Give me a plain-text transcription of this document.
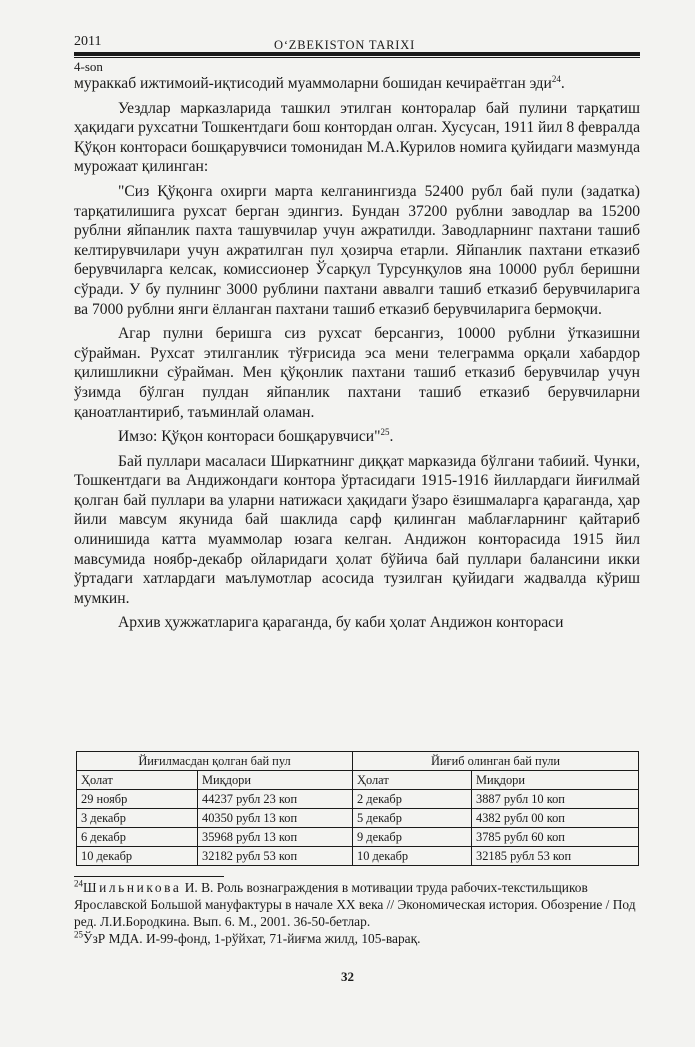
2011	O‘ZBEKISTON TARIXI
4-son

мураккаб ижтимоий-иқтисодий муаммоларни бошидан кечираётган эди$^{24}$.

Уездлар марказларида ташкил этилган конторалар бай пулини тарқатиш ҳақидаги рухсатни Тошкентдаги бош контордан олган. Хусусан, 1911 йил 8 февралда Қўқон контораси бошқарувчиси томонидан М.А.Курилов номига қуйидаги мазмунда мурожаат қилинган:

"Сиз Қўқонга охирги марта келганингизда 52400 рубл бай пули (задатка) тарқатилишига рухсат берган эдингиз. Бундан 37200 рублни заводлар ва 15200 рублни яйпанлик пахта ташувчилар учун ажратилди. Заводларнинг пахтани ташиб келтирувчилари учун ажратилган пул ҳозирча етарли. Яйпанлик пахтани етказиб берувчиларга келсак, комиссионер Ўсарқул Турсунқулов яна 10000 рубл беришни сўради. У бу пулнинг 3000 рублини пахтани аввалги ташиб етказиб берувчиларига ва 7000 рублни янги ёлланган пахтани ташиб етказиб берувчиларига бермоқчи.

Агар пулни беришга сиз рухсат берсангиз, 10000 рублни ўтказишни сўрайман. Рухсат этилганлик тўғрисида эса мени телеграмма орқали хабардор қилишликни сўрайман. Мен қўқонлик пахтани ташиб етказиб берувчилар учун ўзимда бўлган пулдан яйпанлик пахтани ташиб етказиб берувчиларни қаноатлантириб, таъминлай оламан.

Имзо: Қўқон контораси бошқарувчиси"$^{25}$.

Бай пуллари масаласи Ширкатнинг диққат марказида бўлгани табиий. Чунки, Тошкентдаги ва Андижондаги контора ўртасидаги 1915-1916 йиллардаги йиғилмай қолган бай пуллари ва уларни натижаси ҳақидаги ўзаро ёзишмаларга қараганда, ҳар йили мавсум якунида бай шаклида сарф қилинган маблағларнинг қайтариб олинишида катта муаммолар юзага келган. Андижон конторасида 1915 йил мавсумида ноябр-декабр ойларидаги ҳолат бўйича бай пуллари балансини икки ўртадаги хатлардаги маълумотлар асосида тузилган қуйидаги жадвалда кўриш мумкин.

Архив ҳужжатларига қараганда, бу каби ҳолат Андижон контораси

Йиғилмасдан қолган бай пул		Йиғиб олинган бай пули	
Ҳолат	Миқдори	Ҳолат	Миқдори
29 ноябр	44237 рубл 23 коп	2 декабр	3887 рубл 10 коп
3 декабр	40350 рубл 13 коп	5 декабр	4382 рубл 00 коп
6 декабр	35968 рубл 13 коп	9 декабр	3785 рубл 60 коп
10 декабр	32182 рубл 53 коп	10 декабр	32185 рубл 53 коп

$^{24}$Шильникова И. В. Роль вознаграждения в мотивации труда рабочих-текстильщиков Ярославской Большой мануфактуры в начале XX века // Экономическая история. Обозрение / Под ред. Л.И.Бородкина. Вып. 6. М., 2001. 36-50-бетлар.

$^{25}$ЎзР МДА. И-99-фонд, 1-рўйхат, 71-йиғма жилд, 105-варақ.

32
